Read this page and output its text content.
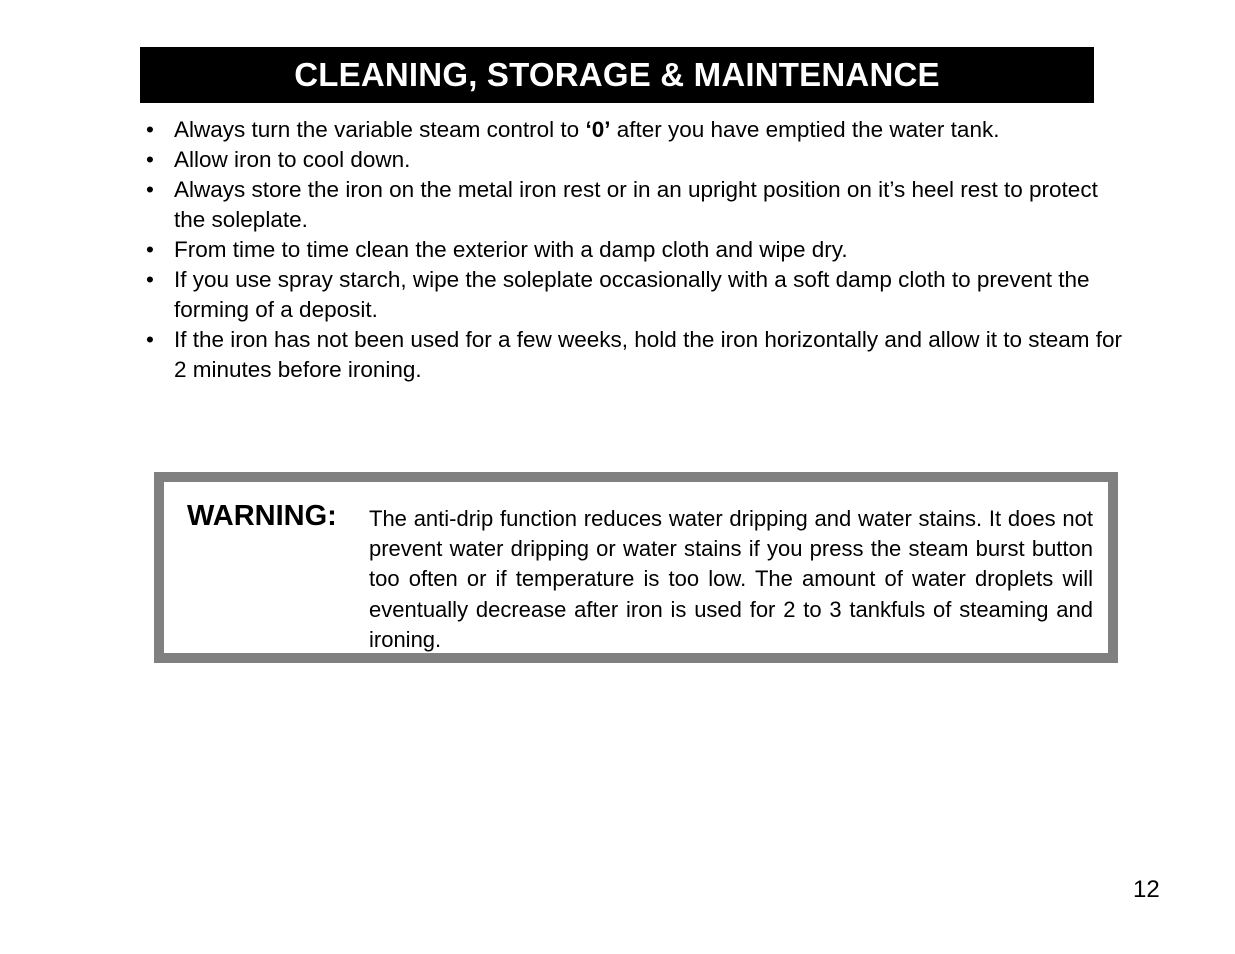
CLEANING, STORAGE & MAINTENANCE
• Always turn the variable steam control to ‘0’ after you have emptied the water tank.
• Allow iron to cool down.
• Always store the iron on the metal iron rest or in an upright position on it’s heel rest to protect the soleplate.
• From time to time clean the exterior with a damp cloth and wipe dry.
• If you use spray starch, wipe the soleplate occasionally with a soft damp cloth to prevent the forming of a deposit.
• If the iron has not been used for a few weeks, hold the iron horizontally and allow it to steam for 2 minutes before ironing.
WARNING: The anti-drip function reduces water dripping and water stains. It does not prevent water dripping or water stains if you press the steam burst button too often or if temperature is too low. The amount of water droplets will eventually decrease after iron is used for 2 to 3 tankfuls of steaming and ironing.
12
